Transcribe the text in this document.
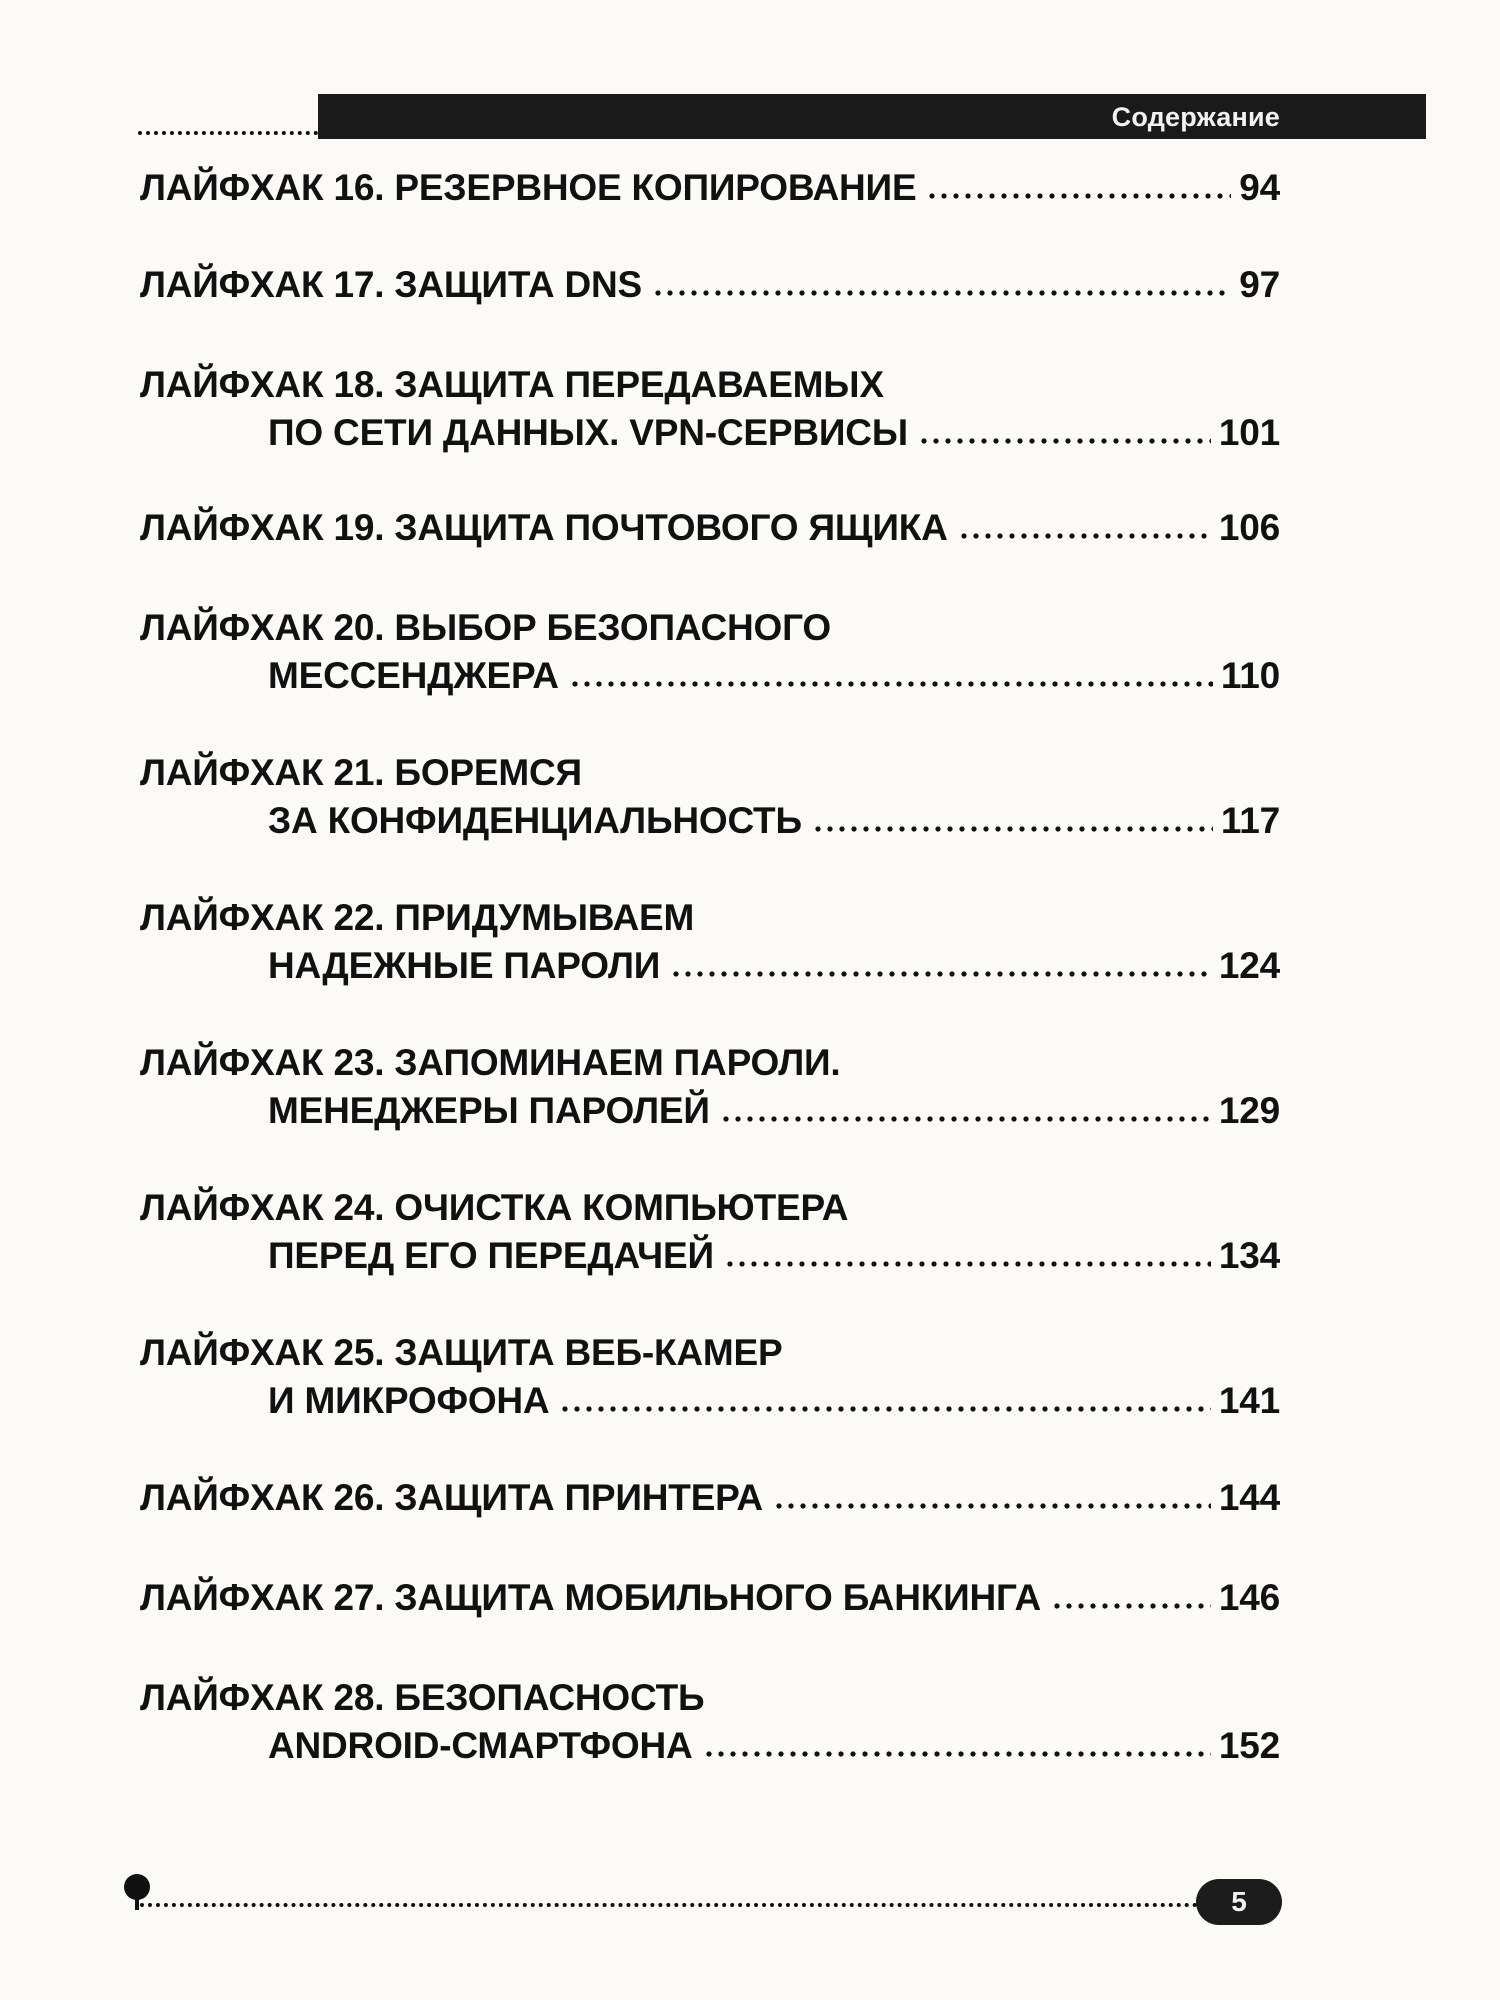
Содержание
ЛАЙФХАК 16. РЕЗЕРВНОЕ КОПИРОВАНИЕ	94
ЛАЙФХАК 17. ЗАЩИТА DNS	97
ЛАЙФХАК 18. ЗАЩИТА ПЕРЕДАВАЕМЫХ
ПО СЕТИ ДАННЫХ. VPN-СЕРВИСЫ	101
ЛАЙФХАК 19. ЗАЩИТА ПОЧТОВОГО ЯЩИКА	106
ЛАЙФХАК 20. ВЫБОР БЕЗОПАСНОГО
МЕССЕНДЖЕРА	110
ЛАЙФХАК 21. БОРЕМСЯ
ЗА КОНФИДЕНЦИАЛЬНОСТЬ	117
ЛАЙФХАК 22. ПРИДУМЫВАЕМ
НАДЕЖНЫЕ ПАРОЛИ	124
ЛАЙФХАК 23. ЗАПОМИНАЕМ ПАРОЛИ.
МЕНЕДЖЕРЫ ПАРОЛЕЙ	129
ЛАЙФХАК 24. ОЧИСТКА КОМПЬЮТЕРА
ПЕРЕД ЕГО ПЕРЕДАЧЕЙ	134
ЛАЙФХАК 25. ЗАЩИТА ВЕБ-КАМЕР
И МИКРОФОНА	141
ЛАЙФХАК 26. ЗАЩИТА ПРИНТЕРА	144
ЛАЙФХАК 27. ЗАЩИТА МОБИЛЬНОГО БАНКИНГА	146
ЛАЙФХАК 28. БЕЗОПАСНОСТЬ
ANDROID-СМАРТФОНА	152
5
